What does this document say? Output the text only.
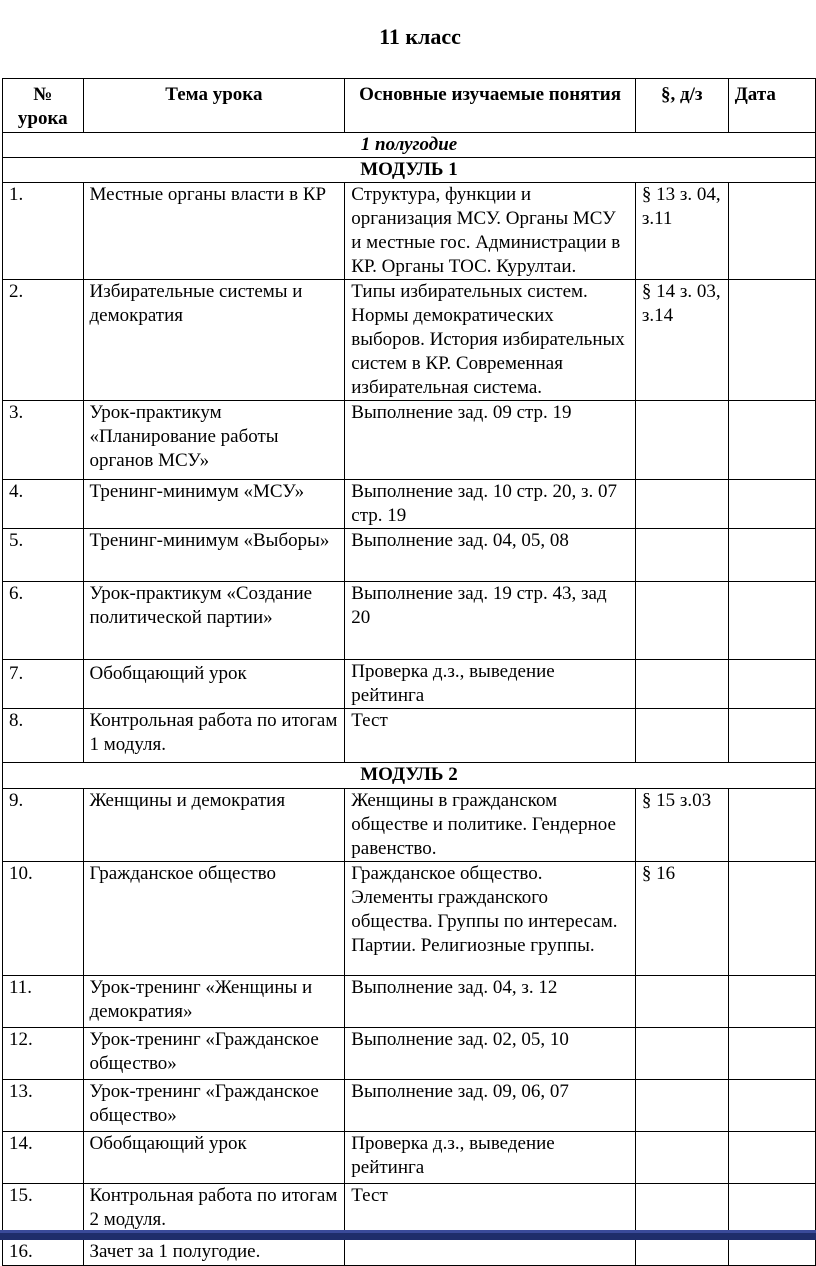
11 класс
№ урока	Тема урока	Основные изучаемые понятия	§, д/з	Дата
1 полугодие				
МОДУЛЬ 1				
1.	Местные органы власти в КР	Структура, функции и организация МСУ. Органы МСУ и местные гос. Администрации в КР. Органы ТОС. Курултаи.	§ 13 з. 04, з.11	
2.	Избирательные системы и демократия	Типы избирательных систем. Нормы демократических выборов. История избирательных систем в КР. Современная избирательная система.	§ 14 з. 03, з.14	
3.	Урок-практикум «Планирование работы органов МСУ»	Выполнение зад. 09 стр. 19		
4.	Тренинг-минимум «МСУ»	Выполнение зад. 10 стр. 20, з. 07 стр. 19		
5.	Тренинг-минимум «Выборы»	Выполнение зад. 04, 05, 08		
6.	Урок-практикум «Создание политической партии»	Выполнение зад. 19 стр. 43, зад 20		
7.	Обобщающий урок	Проверка д.з., выведение рейтинга		
8.	Контрольная работа по итогам 1 модуля.	Тест		
МОДУЛЬ 2				
9.	Женщины и демократия	Женщины в гражданском обществе и политике. Гендерное равенство.	§ 15 з.03	
10.	Гражданское общество	Гражданское общество. Элементы гражданского общества. Группы по интересам. Партии. Религиозные группы.	§ 16	
11.	Урок-тренинг «Женщины и демократия»	Выполнение зад. 04, з. 12		
12.	Урок-тренинг «Гражданское общество»	Выполнение зад. 02, 05, 10		
13.	Урок-тренинг «Гражданское общество»	Выполнение зад. 09, 06, 07		
14.	Обобщающий урок	Проверка д.з., выведение рейтинга		
15.	Контрольная работа по итогам 2 модуля.	Тест		
16.	Зачет за 1 полугодие.			
